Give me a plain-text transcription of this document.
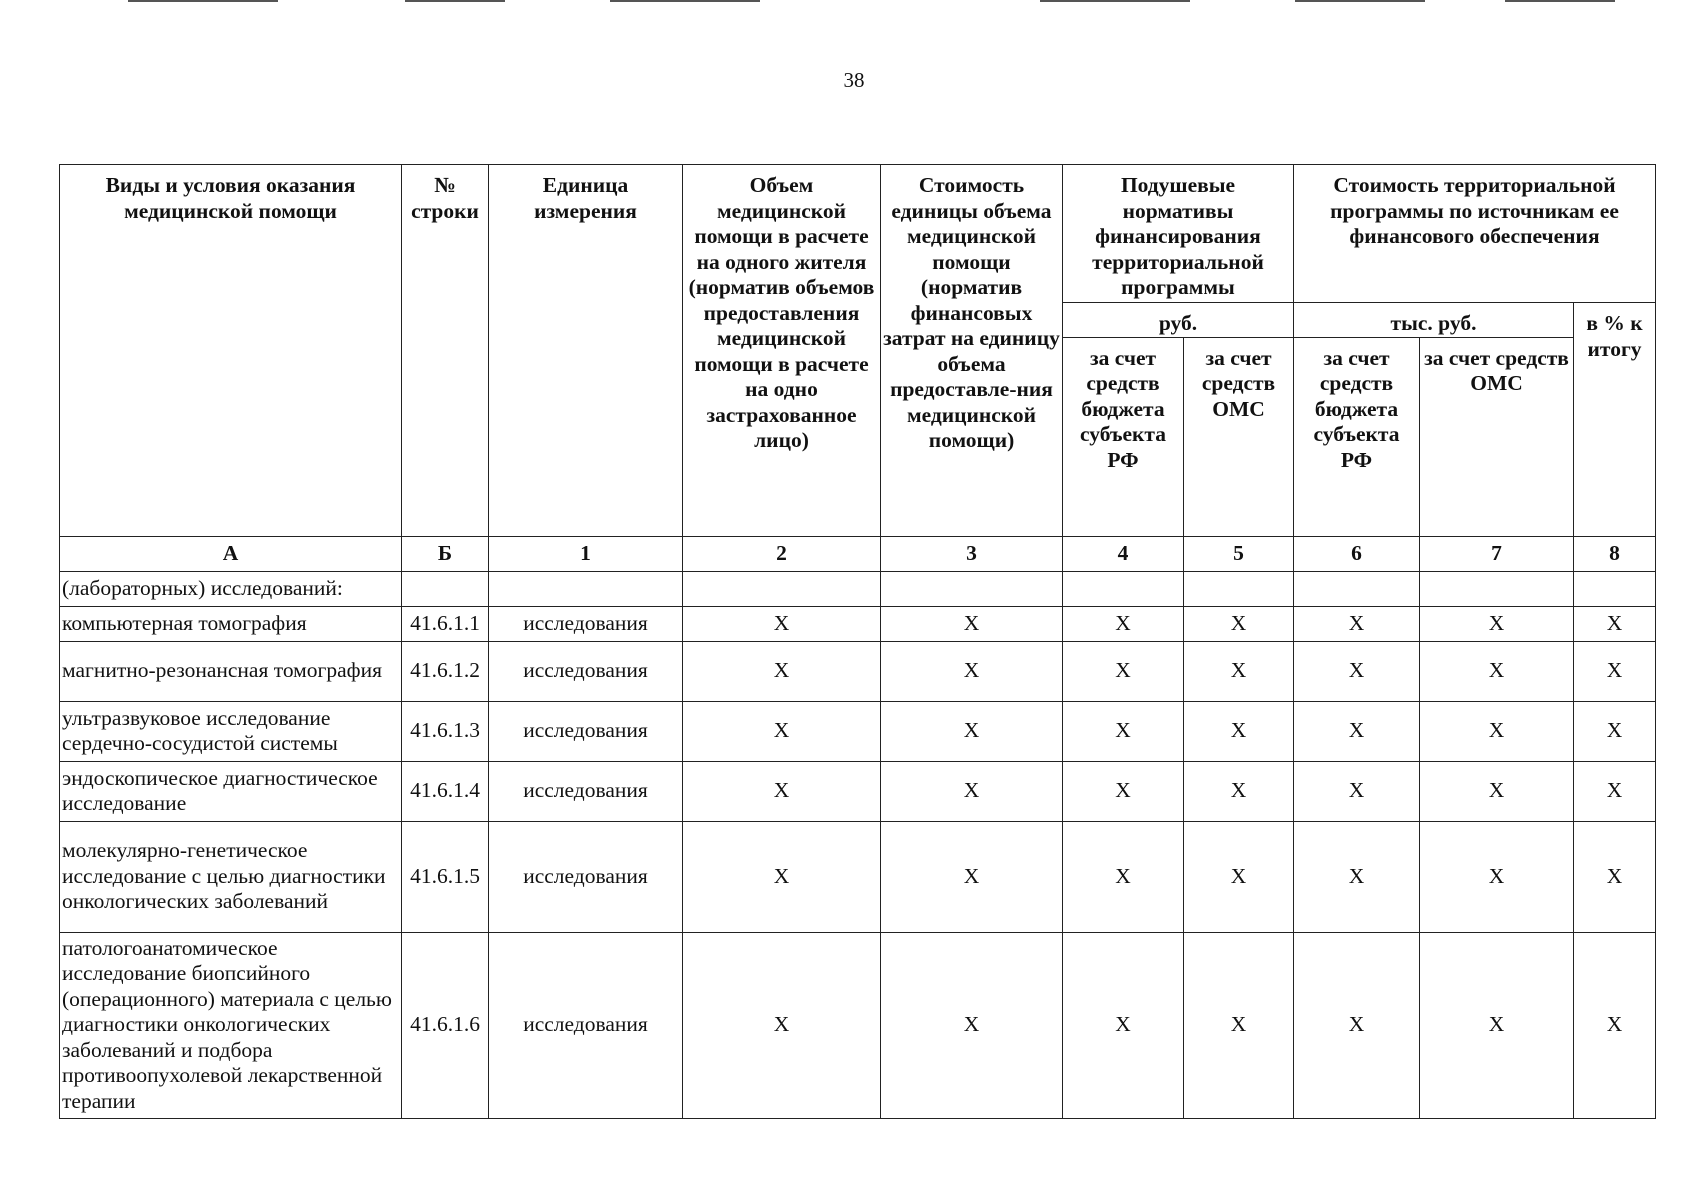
38
Виды и условия оказания медицинской помощи	№ строки	Единица измерения	Объем медицинской помощи в расчете на одного жителя (норматив объемов предоставления медицинской помощи в расчете на одно застрахованное лицо)	Стоимость единицы объема медицинской помощи (норматив финансовых затрат на единицу объема предоставле-ния медицинской помощи)	Подушевые нормативы финансирования территориальной программы		Стоимость территориальной программы по источникам ее финансового обеспечения		
					руб.		тыс. руб.		в % к итогу
					за счет средств бюджета субъекта РФ	за счет средств ОМС	за счет средств бюджета субъекта РФ	за счет средств ОМС	
А	Б	1	2	3	4	5	6	7	8
(лабораторных) исследований:									
компьютерная томография	41.6.1.1	исследования	X	X	X	X	X	X	X
магнитно-резонансная томография	41.6.1.2	исследования	X	X	X	X	X	X	X
ультразвуковое исследование сердечно-сосудистой системы	41.6.1.3	исследования	X	X	X	X	X	X	X
эндоскопическое диагностическое исследование	41.6.1.4	исследования	X	X	X	X	X	X	X
молекулярно-генетическое исследование с целью диагностики онкологических заболеваний	41.6.1.5	исследования	X	X	X	X	X	X	X
патологоанатомическое исследование биопсийного (операционного) материала с целью диагностики онкологических заболеваний и подбора противоопухолевой лекарственной терапии	41.6.1.6	исследования	X	X	X	X	X	X	X
